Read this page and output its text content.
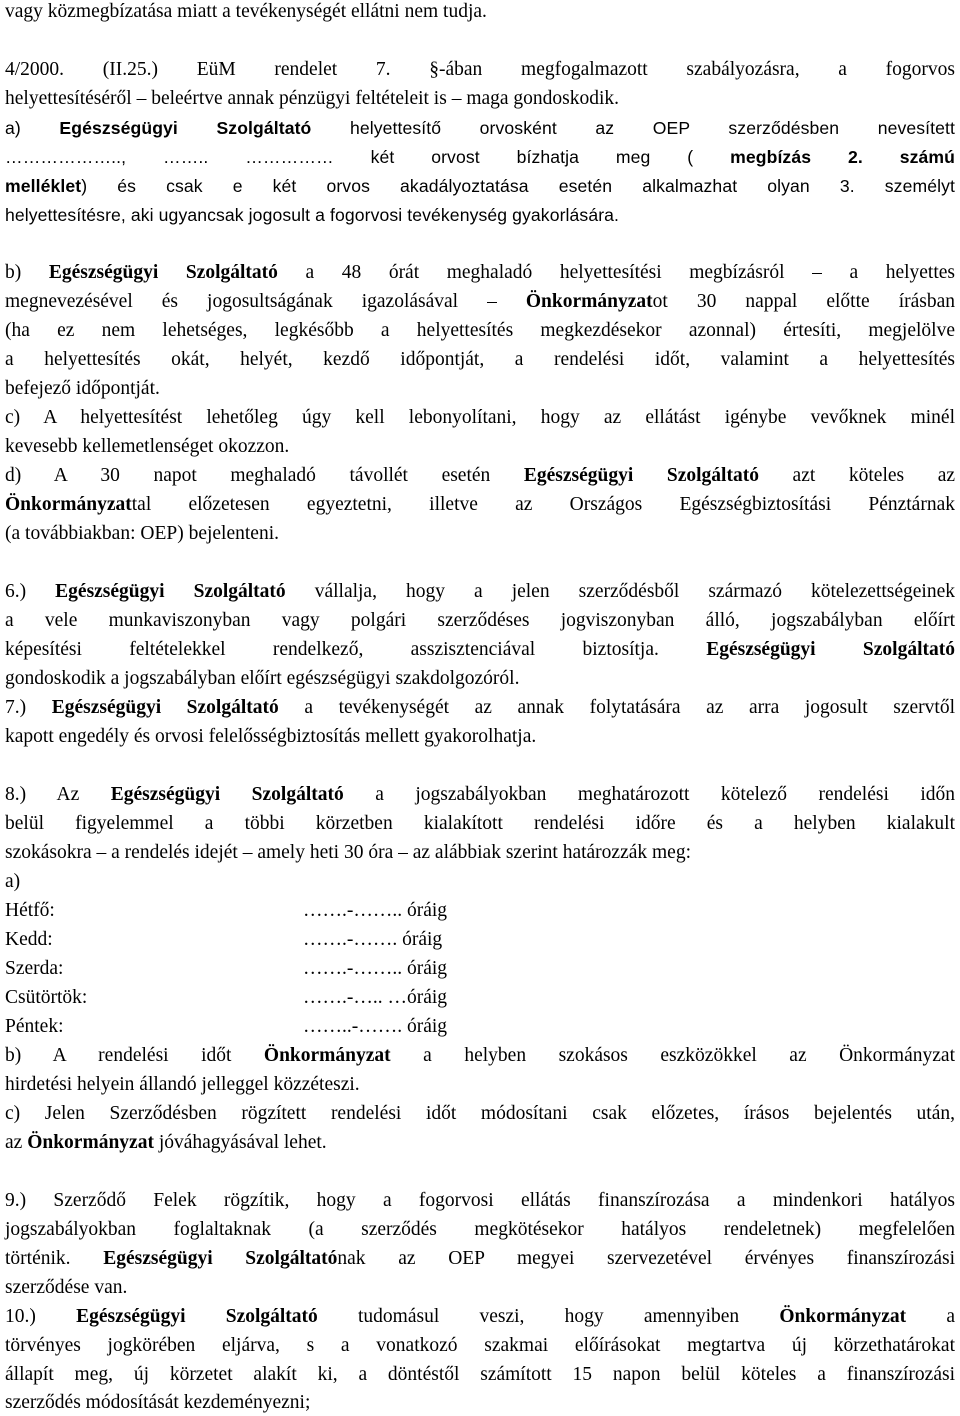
vagy közmegbízatása miatt a tevékenységét ellátni nem tudja.
4/2000. (II.25.) EüM rendelet 7. §-ában megfogalmazott szabályozásra, a fogorvos
helyettesítéséről – beleértve annak pénzügyi feltételeit is – maga gondoskodik.
a) Egészségügyi Szolgáltató helyettesítő orvosként az OEP szerződésben nevesített
……………….., …….. …………… két orvost bízhatja meg ( megbízás 2. számú
melléklet) és csak e két orvos akadályoztatása esetén alkalmazhat olyan 3. személyt
helyettesítésre, aki ugyancsak jogosult a fogorvosi tevékenység gyakorlására.
b) Egészségügyi Szolgáltató a 48 órát meghaladó helyettesítési megbízásról – a helyettes
megnevezésével és jogosultságának igazolásával – Önkormányzatot 30 nappal előtte írásban
(ha ez nem lehetséges, legkésőbb a helyettesítés megkezdésekor azonnal) értesíti, megjelölve
a helyettesítés okát, helyét, kezdő időpontját, a rendelési időt, valamint a helyettesítés
befejező időpontját.
c) A helyettesítést lehetőleg úgy kell lebonyolítani, hogy az ellátást igénybe vevőknek minél
kevesebb kellemetlenséget okozzon.
d) A 30 napot meghaladó távollét esetén Egészségügyi Szolgáltató azt köteles az
Önkormányzattal előzetesen egyeztetni, illetve az Országos Egészségbiztosítási Pénztárnak
(a továbbiakban: OEP) bejelenteni.
6.) Egészségügyi Szolgáltató vállalja, hogy a jelen szerződésből származó kötelezettségeinek
a vele munkaviszonyban vagy polgári szerződéses jogviszonyban álló, jogszabályban előírt
képesítési feltételekkel rendelkező, asszisztenciával biztosítja. Egészségügyi Szolgáltató
gondoskodik a jogszabályban előírt egészségügyi szakdolgozóról.
7.) Egészségügyi Szolgáltató a tevékenységét az annak folytatására az arra jogosult szervtől
kapott engedély és orvosi felelősségbiztosítás mellett gyakorolhatja.
8.) Az Egészségügyi Szolgáltató a jogszabályokban meghatározott kötelező rendelési időn
belül figyelemmel a többi körzetben kialakított rendelési időre és a helyben kialakult
szokásokra – a rendelés idejét – amely heti 30 óra – az alábbiak szerint határozzák meg:
a)
Hétfő:	…….-…….. óráig
Kedd:	…….-……. óráig
Szerda:	…….-…….. óráig
Csütörtök:	…….-….. …óráig
Péntek:	……..-……. óráig
b) A rendelési időt Önkormányzat a helyben szokásos eszközökkel az Önkormányzat
hirdetési helyein állandó jelleggel közzéteszi.
c) Jelen Szerződésben rögzített rendelési időt módosítani csak előzetes, írásos bejelentés után,
az Önkormányzat jóváhagyásával lehet.
9.) Szerződő Felek rögzítik, hogy a fogorvosi ellátás finanszírozása a mindenkori hatályos
jogszabályokban foglaltaknak (a szerződés megkötésekor hatályos rendeletnek) megfelelően
történik. Egészségügyi Szolgáltatónak az OEP megyei szervezetével érvényes finanszírozási
szerződése van.
10.) Egészségügyi Szolgáltató tudomásul veszi, hogy amennyiben Önkormányzat a
törvényes jogkörében eljárva, s a vonatkozó szakmai előírásokat megtartva új körzethatárokat
állapít meg, új körzetet alakít ki, a döntéstől számított 15 napon belül köteles a finanszírozási
szerződés módosítását kezdeményezni;
